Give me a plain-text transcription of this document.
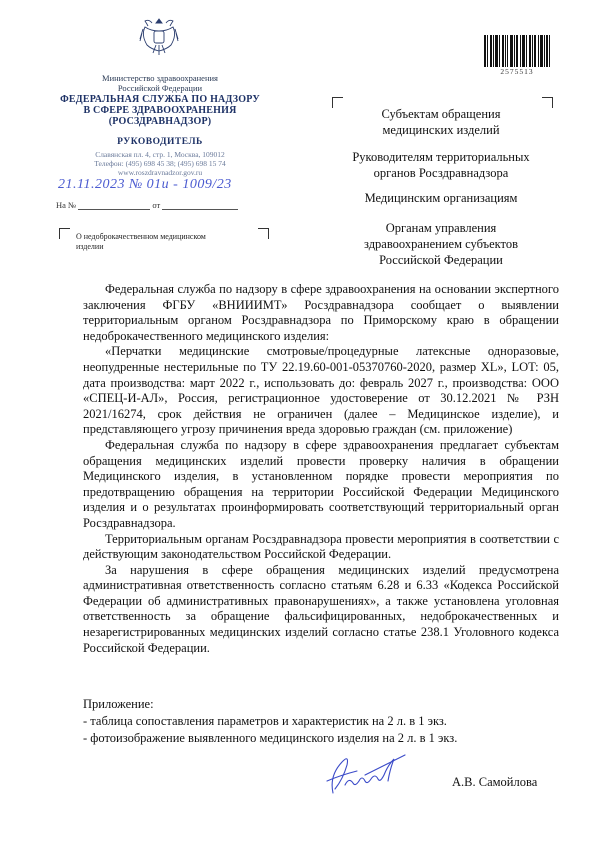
Министерство здравоохранения
Российской Федерации
ФЕДЕРАЛЬНАЯ СЛУЖБА ПО НАДЗОРУ
В СФЕРЕ ЗДРАВООХРАНЕНИЯ
(РОСЗДРАВНАДЗОР)
РУКОВОДИТЕЛЬ
Славянская пл. 4, стр. 1, Москва, 109012
Телефон: (495) 698 45 38; (495) 698 15 74
www.roszdravnadzor.gov.ru
21.11.2023 № 01и - 1009/23
На №	от
О недоброкачественном медицинском изделии
2575513
Субъектам обращения
медицинских изделий
Руководителям территориальных
органов Росздравнадзора
Медицинским организациям
Органам управления
здравоохранением субъектов
Российской Федерации

Федеральная служба по надзору в сфере здравоохранения на основании экспертного заключения ФГБУ «ВНИИИМТ» Росздравнадзора сообщает о выявлении территориальным органом Росздравнадзора по Приморскому краю в обращении недоброкачественного медицинского изделия:

«Перчатки медицинские смотровые/процедурные латексные одноразовые, неопудренные нестерильные по ТУ 22.19.60-001-05370760-2020, размер XL», LOT: 05, дата производства: март 2022 г., использовать до: февраль 2027 г., производства: ООО «СПЕЦ-И-АЛ», Россия, регистрационное удостоверение от 30.12.2021 № РЗН 2021/16274, срок действия не ограничен (далее – Медицинское изделие), и представляющего угрозу причинения вреда здоровью граждан (см. приложение)

Федеральная служба по надзору в сфере здравоохранения предлагает субъектам обращения медицинских изделий провести проверку наличия в обращении Медицинского изделия, в установленном порядке провести мероприятия по предотвращению обращения на территории Российской Федерации Медицинского изделия и о результатах проинформировать соответствующий территориальный орган Росздравнадзора.

Территориальным органам Росздравнадзора провести мероприятия в соответствии с действующим законодательством Российской Федерации.

За нарушения в сфере обращения медицинских изделий предусмотрена административная ответственность согласно статьям 6.28 и 6.33 «Кодекса Российской Федерации об административных правонарушениях», а также установлена уголовная ответственность за обращение фальсифицированных, недоброкачественных и незарегистрированных медицинских изделий согласно статье 238.1 Уголовного кодекса Российской Федерации.

Приложение:
- таблица сопоставления параметров и характеристик на 2 л. в 1 экз.
- фотоизображение выявленного медицинского изделия на 2 л. в 1 экз.
А.В. Самойлова
